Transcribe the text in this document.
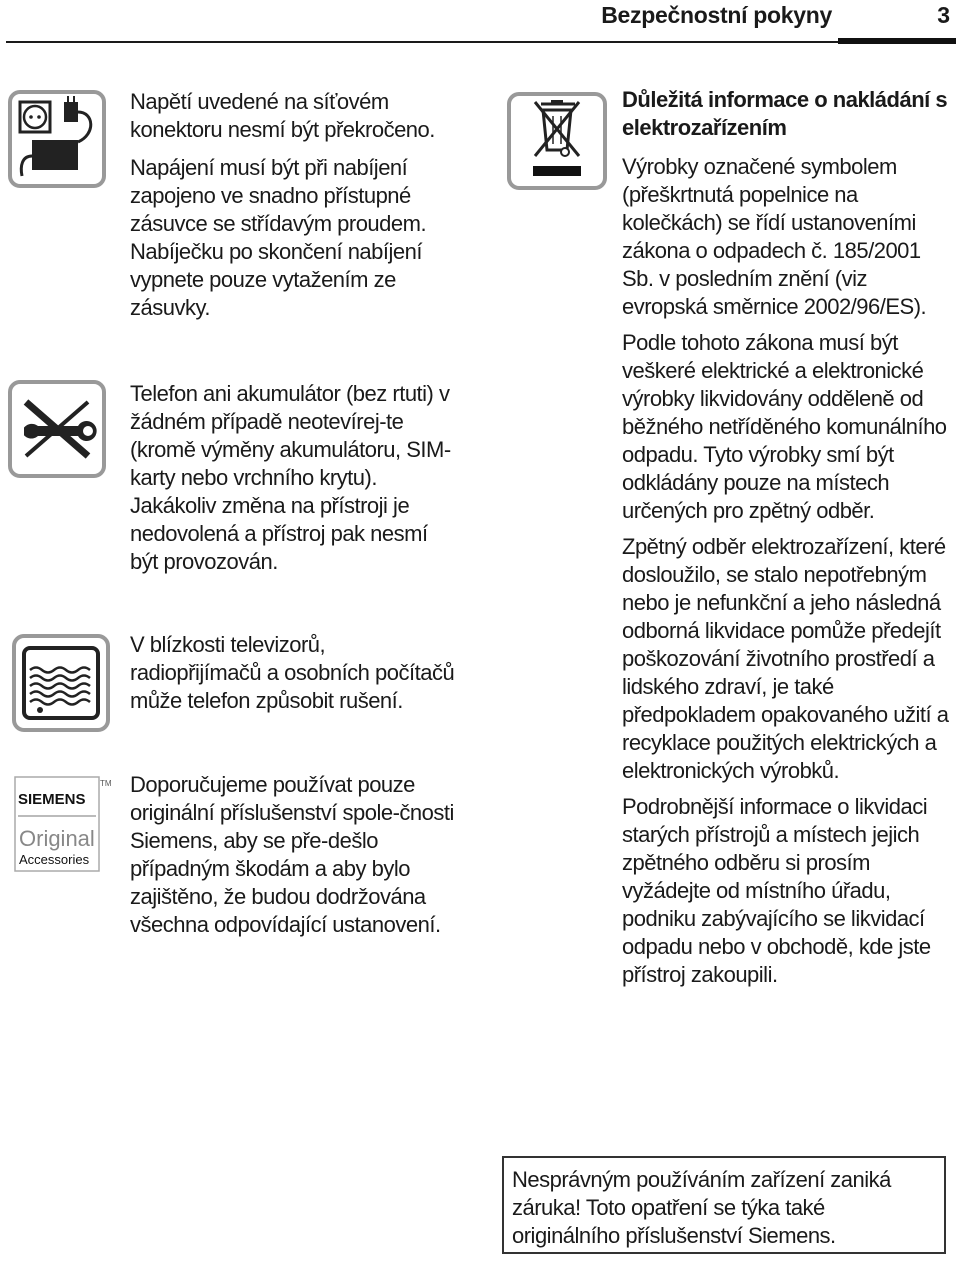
Bezpečnostní pokyny	3
SIEMENS
TM
Original
Accessories

Napětí uvedené na síťovém konektoru nesmí být překročeno.

Napájení musí být při nabíjení zapojeno ve snadno přístupné zásuvce se střídavým proudem. Nabíječku po skončení nabíjení vypnete pouze vytažením ze zásuvky.

Telefon ani akumulátor (bez rtuti) v žádném případě neotevírej-te (kromě výměny akumulátoru, SIM-karty nebo vrchního krytu). Jakákoliv změna na přístroji je nedovolená a přístroj pak nesmí být provozován.
V blízkosti televizorů, radiopřijímačů a osobních počítačů může telefon způsobit rušení.
Doporučujeme používat pouze originální příslušenství spole-čnosti Siemens, aby se pře-dešlo případným škodám a aby bylo zajištěno, že budou dodržována všechna odpovídající ustanovení.
Důležitá informace o nakládání s elektrozařízením

Výrobky označené symbolem (přeškrtnutá popelnice na kolečkách) se řídí ustanoveními zákona o odpadech č. 185/2001 Sb. v posledním znění (viz evropská směrnice 2002/96/ES).

Podle tohoto zákona musí být veškeré elektrické a elektronické výrobky likvidovány odděleně od běžného netříděného komunálního odpadu. Tyto výrobky smí být odkládány pouze na místech určených pro zpětný odběr.

Zpětný odběr elektrozařízení, které dosloužilo, se stalo nepotřebným nebo je nefunkční a jeho následná odborná likvidace pomůže předejít poškozování životního prostředí a lidského zdraví, je také předpokladem opakovaného užití a recyklace použitých elektrických a elektronických výrobků.

Podrobnější informace o likvidaci starých přístrojů a místech jejich zpětného odběru si prosím vyžádejte od místního úřadu, podniku zabývajícího se likvidací odpadu nebo v obchodě, kde jste přístroj zakoupili.

Nesprávným používáním zařízení zaniká záruka! Toto opatření se týka také originálního příslušenství Siemens.
